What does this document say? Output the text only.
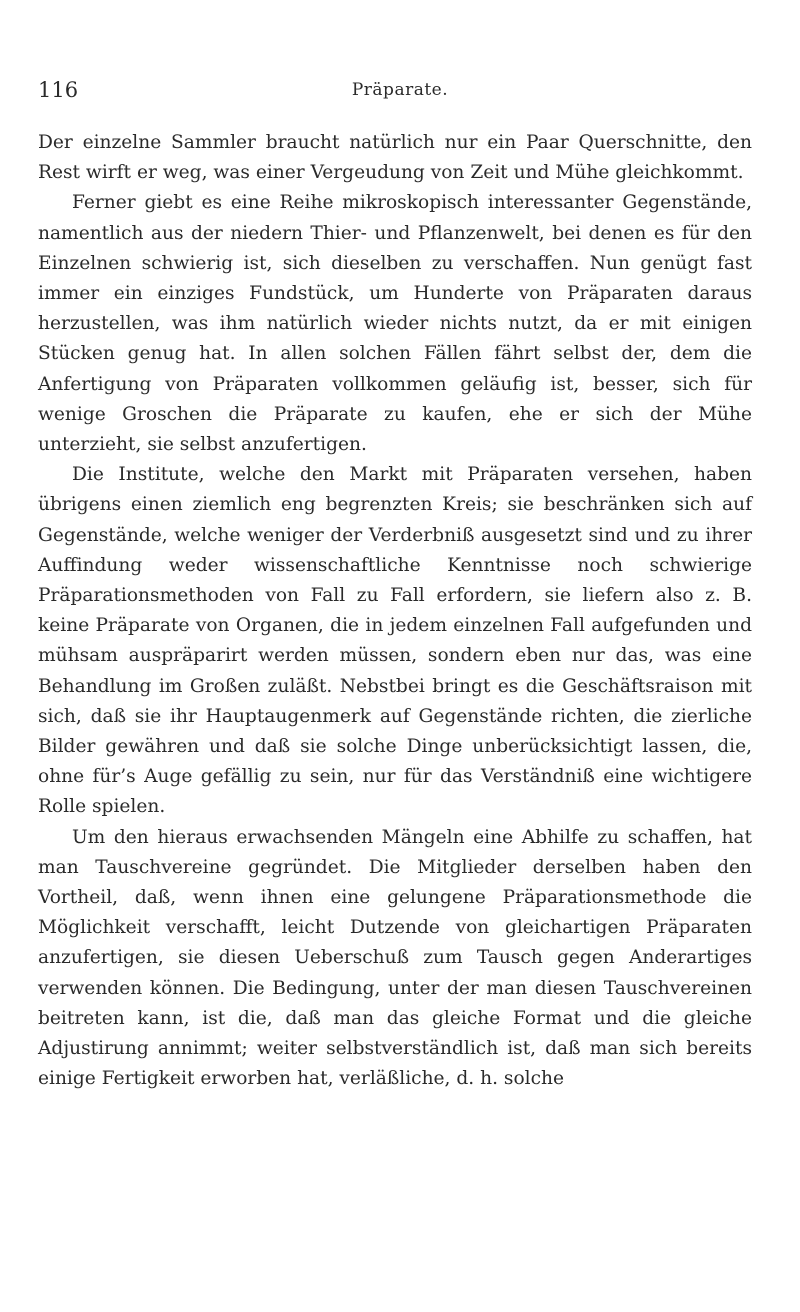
116	Präparate.

Der einzelne Sammler braucht natürlich nur ein Paar Querschnitte, den Rest wirft er weg, was einer Vergeudung von Zeit und Mühe gleichkommt.

Ferner giebt es eine Reihe mikroskopisch interessanter Gegenstände, namentlich aus der niedern Thier- und Pflanzenwelt, bei denen es für den Einzelnen schwierig ist, sich dieselben zu verschaffen. Nun genügt fast immer ein einziges Fundstück, um Hunderte von Präparaten daraus herzustellen, was ihm natürlich wieder nichts nutzt, da er mit einigen Stücken genug hat. In allen solchen Fällen fährt selbst der, dem die Anfertigung von Präparaten vollkommen geläufig ist, besser, sich für wenige Groschen die Präparate zu kaufen, ehe er sich der Mühe unterzieht, sie selbst anzufertigen.

Die Institute, welche den Markt mit Präparaten versehen, haben übrigens einen ziemlich eng begrenzten Kreis; sie beschränken sich auf Gegenstände, welche weniger der Verderbniß ausgesetzt sind und zu ihrer Auffindung weder wissenschaftliche Kenntnisse noch schwierige Präparationsmethoden von Fall zu Fall erfordern, sie liefern also z. B. keine Präparate von Organen, die in jedem einzelnen Fall aufgefunden und mühsam auspräparirt werden müssen, sondern eben nur das, was eine Behandlung im Großen zuläßt. Nebstbei bringt es die Geschäftsraison mit sich, daß sie ihr Hauptaugenmerk auf Gegenstände richten, die zierliche Bilder gewähren und daß sie solche Dinge unberücksichtigt lassen, die, ohne für’s Auge gefällig zu sein, nur für das Verständniß eine wichtigere Rolle spielen.

Um den hieraus erwachsenden Mängeln eine Abhilfe zu schaffen, hat man Tauschvereine gegründet. Die Mitglieder derselben haben den Vortheil, daß, wenn ihnen eine gelungene Präparationsmethode die Möglichkeit verschafft, leicht Dutzende von gleichartigen Präparaten anzufertigen, sie diesen Ueberschuß zum Tausch gegen Anderartiges verwenden können. Die Bedingung, unter der man diesen Tauschvereinen beitreten kann, ist die, daß man das gleiche Format und die gleiche Adjustirung annimmt; weiter selbstverständlich ist, daß man sich bereits einige Fertigkeit erworben hat, verläßliche, d. h. solche
